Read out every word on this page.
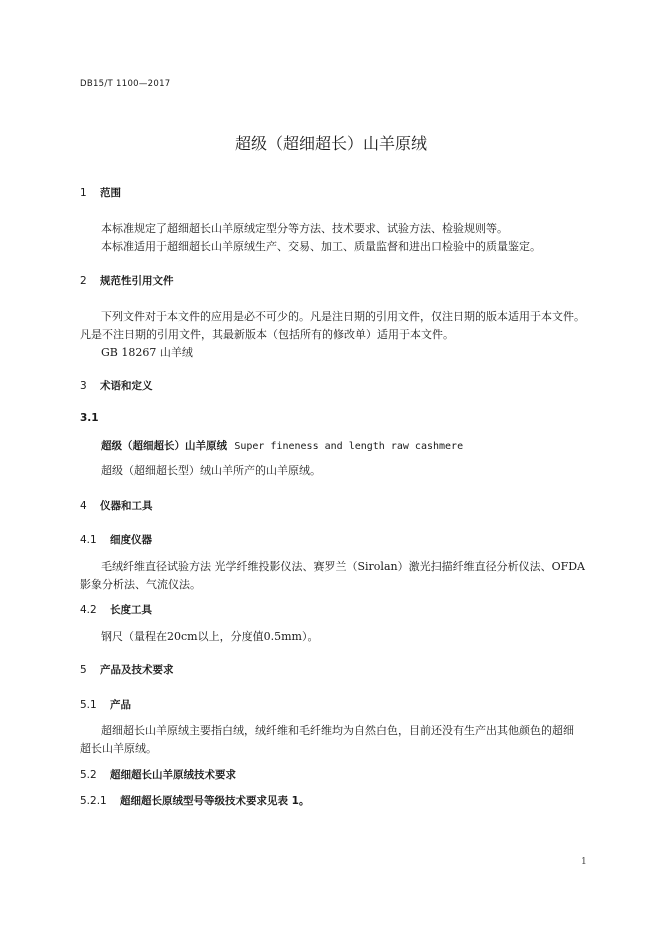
DB15/T 1100—2017
超级（超细超长）山羊原绒
1 范围
本标准规定了超细超长山羊原绒定型分等方法、技术要求、试验方法、检验规则等。
本标准适用于超细超长山羊原绒生产、交易、加工、质量监督和进出口检验中的质量鉴定。
2 规范性引用文件
下列文件对于本文件的应用是必不可少的。凡是注日期的引用文件，仅注日期的版本适用于本文件。
凡是不注日期的引用文件，其最新版本（包括所有的修改单）适用于本文件。
GB 18267 山羊绒
3 术语和定义
3.1
超级（超细超长）山羊原绒 Super fineness and length raw cashmere
超级（超细超长型）绒山羊所产的山羊原绒。
4 仪器和工具
4.1 细度仪器
毛绒纤维直径试验方法 光学纤维投影仪法、赛罗兰（Sirolan）激光扫描纤维直径分析仪法、OFDA
影象分析法、气流仪法。
4.2 长度工具
钢尺（量程在20cm以上，分度值0.5mm）。
5 产品及技术要求
5.1 产品
超细超长山羊原绒主要指白绒，绒纤维和毛纤维均为自然白色，目前还没有生产出其他颜色的超细
超长山羊原绒。
5.2 超细超长山羊原绒技术要求
5.2.1 超细超长原绒型号等级技术要求见表 1。
1
